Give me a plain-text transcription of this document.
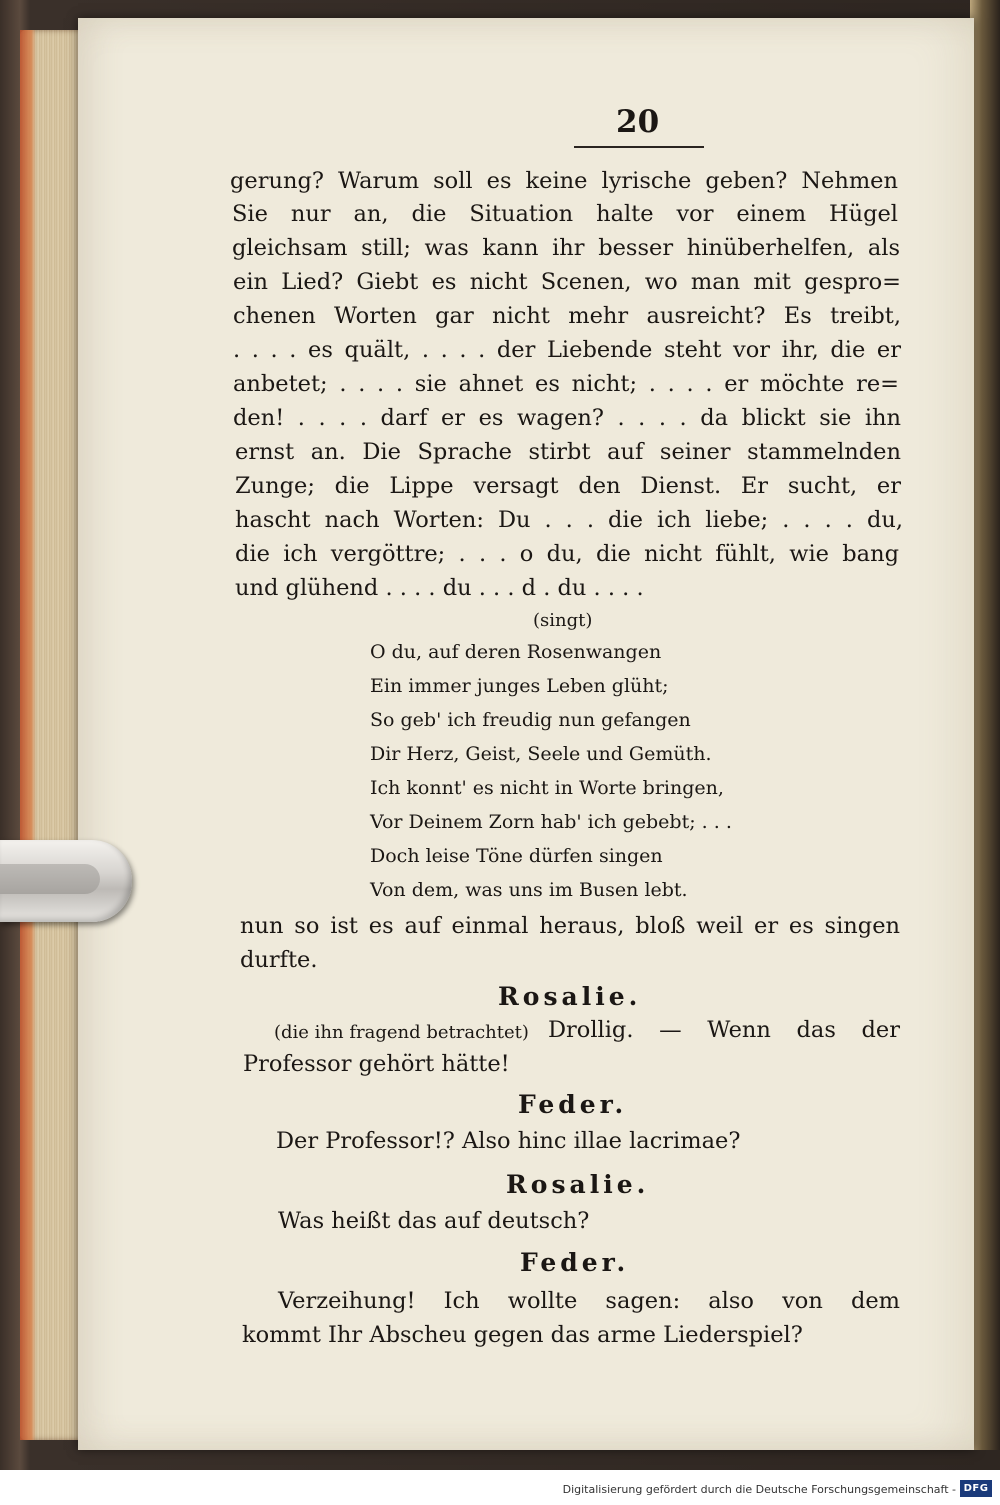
20
gerung? Warum soll es keine lyrische geben? Nehmen
Sie nur an, die Situation halte vor einem Hügel
gleichsam still; was kann ihr besser hinüberhelfen, als
ein Lied? Giebt es nicht Scenen, wo man mit gespro=
chenen Worten gar nicht mehr ausreicht? Es treibt,
. . . . es quält, . . . . der Liebende steht vor ihr, die er
anbetet; . . . . sie ahnet es nicht; . . . . er möchte re=
den! . . . . darf er es wagen? . . . . da blickt sie ihn
ernst an. Die Sprache stirbt auf seiner stammelnden
Zunge; die Lippe versagt den Dienst. Er sucht, er
hascht nach Worten: Du . . . die ich liebe; . . . . du,
die ich vergöttre; . . . o du, die nicht fühlt, wie bang
und glühend . . . . du . . . d . du . . . .
(singt)
O du, auf deren Rosenwangen
Ein immer junges Leben glüht;
So geb' ich freudig nun gefangen
Dir Herz, Geist, Seele und Gemüth.
Ich konnt' es nicht in Worte bringen,
Vor Deinem Zorn hab' ich gebebt; . . .
Doch leise Töne dürfen singen
Von dem, was uns im Busen lebt.
nun so ist es auf einmal heraus, bloß weil er es singen
durfte.
Rosalie.
(die ihn fragend betrachtet) Drollig. — Wenn das der
Professor gehört hätte!
Feder.
Der Professor!? Also hinc illae lacrimae?
Rosalie.
Was heißt das auf deutsch?
Feder.
Verzeihung! Ich wollte sagen: also von dem
kommt Ihr Abscheu gegen das arme Liederspiel?
Digitalisierung gefördert durch die Deutsche Forschungsgemeinschaft - DFG
